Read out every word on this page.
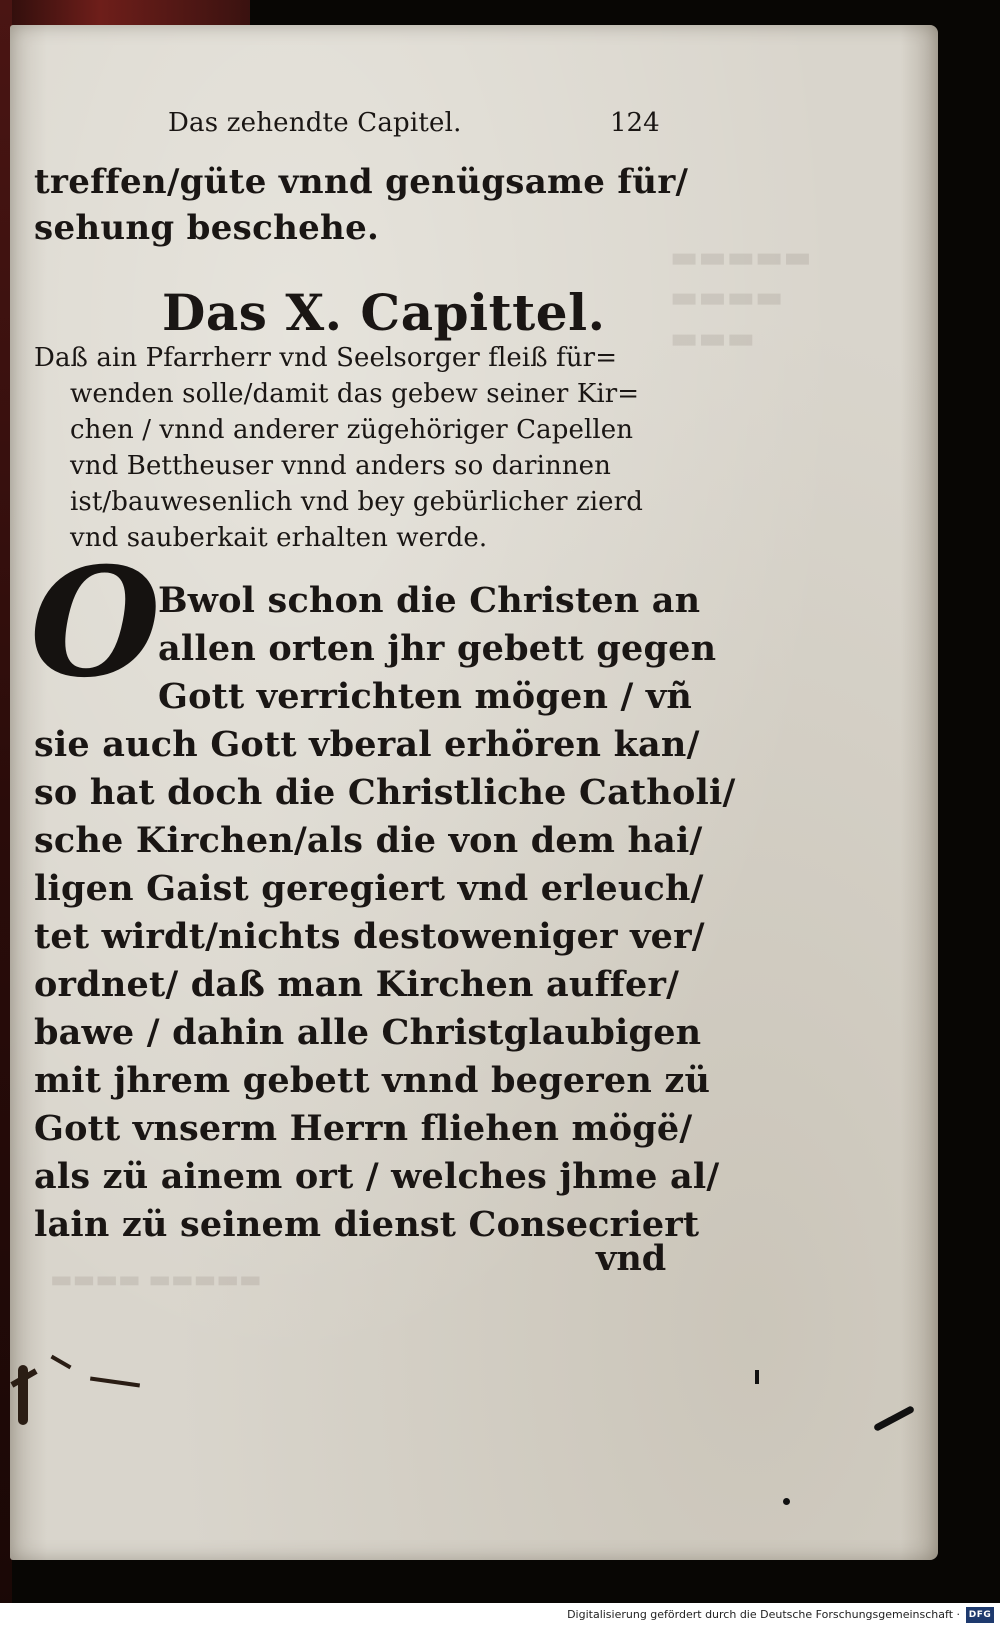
▬▬▬▬▬
▬▬▬▬
▬▬▬
▬▬▬▬ ▬▬▬▬▬

Das zehendte Capitel.	124

treffen/güte vnnd genügsame für/

sehung beschehe.

Das X. Capittel.

Daß ain Pfarrherr vnd Seelsorger fleiß für=

wenden solle/damit das gebew seiner Kir=

chen / vnnd anderer zügehöriger Capellen

vnd Bettheuser vnnd anders so darinnen

ist/bauwesenlich vnd bey gebürlicher zierd

vnd sauberkait erhalten werde.

O

Bwol schon die Christen an

allen orten jhr gebett gegen

Gott verrichten mögen / vñ

sie auch Gott vberal erhören kan/

so hat doch die Christliche Catholi/

sche Kirchen/als die von dem hai/

ligen Gaist geregiert vnd erleuch/

tet wirdt/nichts destoweniger ver/

ordnet/ daß man Kirchen auffer/

bawe / dahin alle Christglaubigen

mit jhrem gebett vnnd begeren zü

Gott vnserm Herrn fliehen mögë/

als zü ainem ort / welches jhme al/

lain zü seinem dienst Consecriert

vnd

Digitalisierung gefördert durch die Deutsche Forschungsgemeinschaft · DFG
